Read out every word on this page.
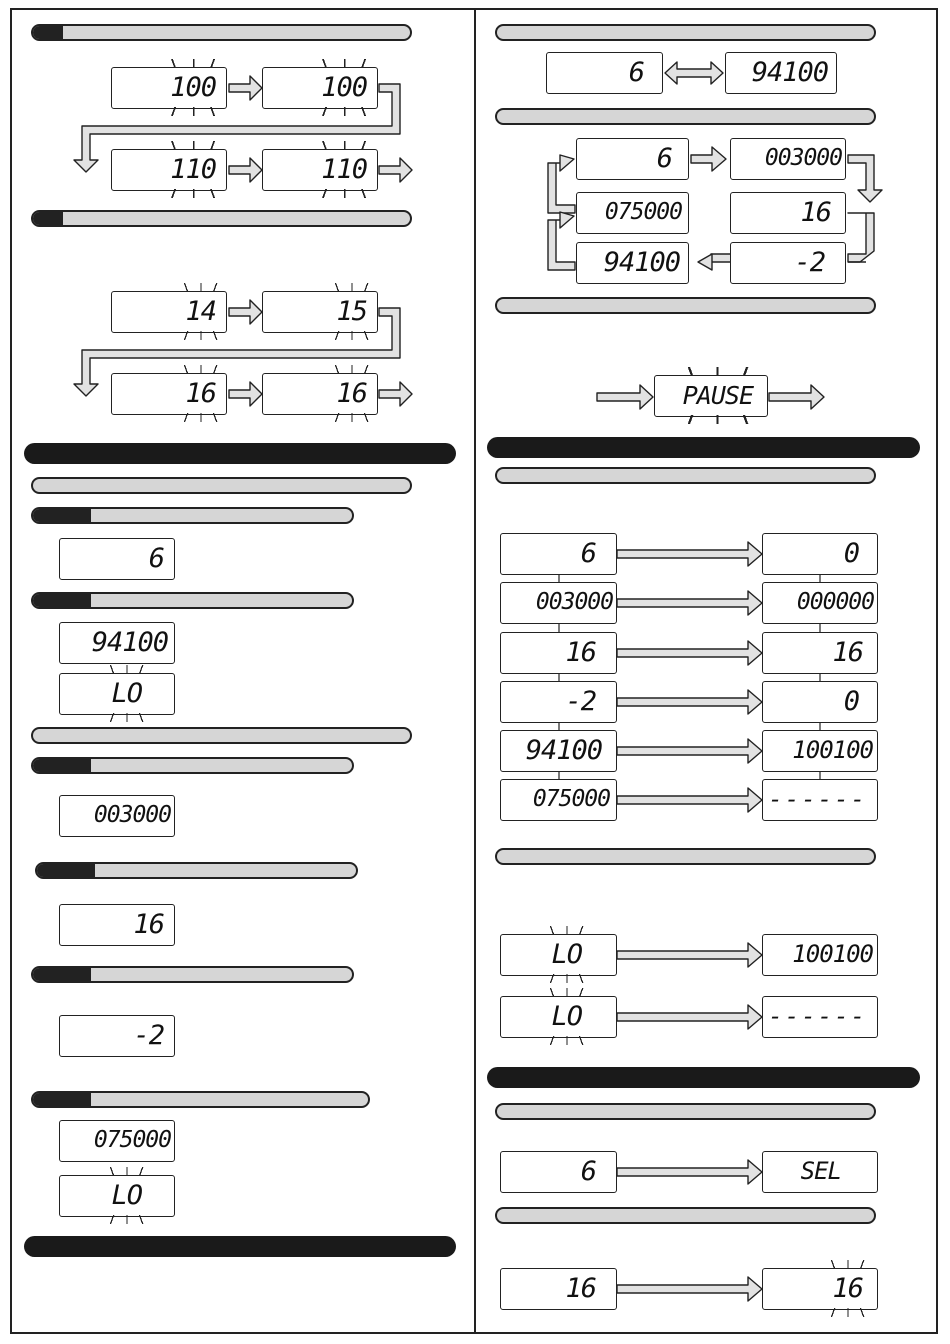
100	100
110	110
14	15
16	16
6
94100
LO
003000
16
-2
075000
LO
6	94100
6	003000
075000	16
94100	-2
PAUSE
6	0
003000	000000
16	16
-2	0
94100	100100
075000	------
LO	100100
LO	------
6	SEL
16	16
